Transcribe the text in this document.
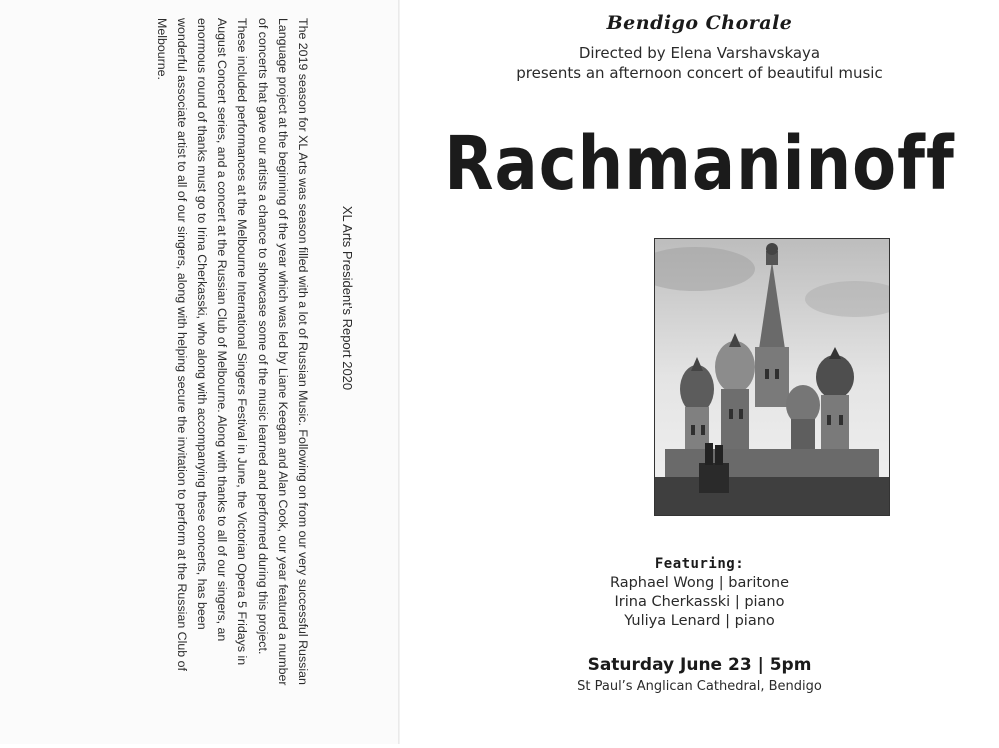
XL Arts President’s Report 2020
The 2019 season for XL Arts was season filled with a lot of Russian Music. Following on from our very successful Russian
Language project at the beginning of the year which was led by Liane Keegan and Alan Cook, our year featured a number
of concerts that gave our artists a chance to showcase some of the music learned and performed during this project.
These included performances at the Melbourne International Singers Festival in June, the Victorian Opera 5 Fridays in
August Concert series, and a concert at the Russian Club of Melbourne. Along with thanks to all of our singers, an
enormous round of thanks must go to Irina Cherkasski, who along with accompanying these concerts, has been
wonderful associate artist to all of our singers, along with helping secure the invitation to perform at the Russian Club of
Melbourne.	Bendigo Chorale
Directed by Elena Varshavskaya
presents an afternoon concert of beautiful music
Rachmaninoff
Featuring:
Raphael Wong | baritone
Irina Cherkasski | piano
Yuliya Lenard | piano
Saturday June 23 | 5pm
St Paul’s Anglican Cathedral, Bendigo
